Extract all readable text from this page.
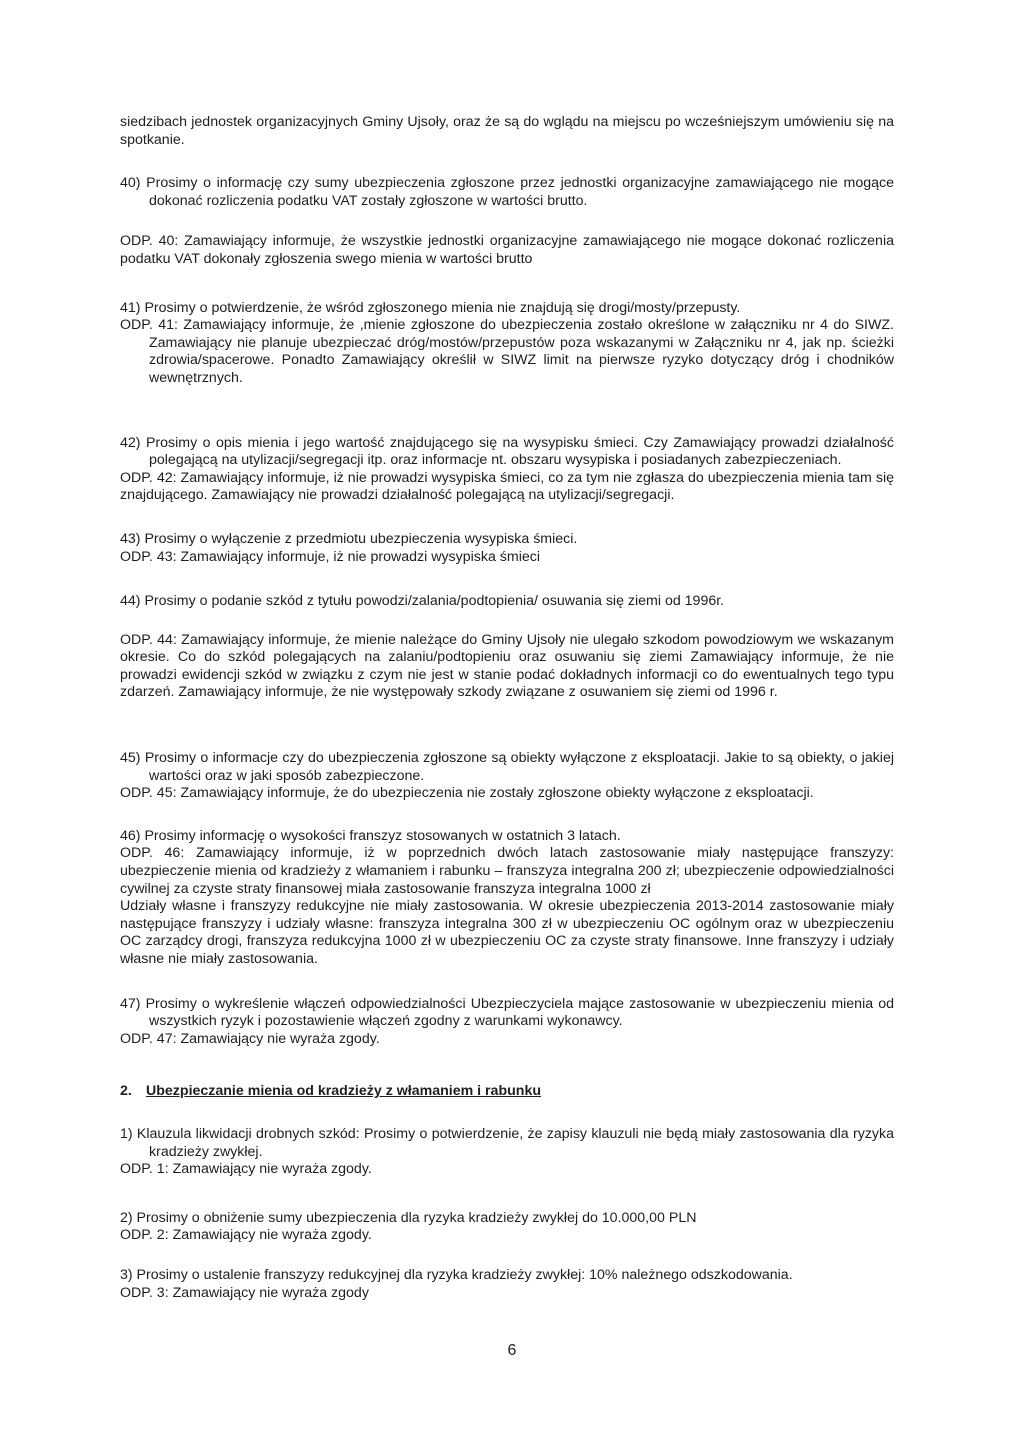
siedzibach jednostek organizacyjnych Gminy Ujsoły, oraz że są do wglądu na miejscu po wcześniejszym umówieniu się na spotkanie.

40) Prosimy o informację czy sumy ubezpieczenia zgłoszone przez jednostki organizacyjne zamawiającego nie mogące dokonać rozliczenia podatku VAT zostały zgłoszone w wartości brutto.

ODP. 40: Zamawiający informuje, że wszystkie jednostki organizacyjne zamawiającego nie mogące dokonać rozliczenia podatku VAT dokonały zgłoszenia swego mienia w wartości brutto

41) Prosimy o potwierdzenie, że wśród zgłoszonego mienia nie znajdują się drogi/mosty/przepusty.

ODP. 41: Zamawiający informuje, że ,mienie zgłoszone do ubezpieczenia zostało określone w załączniku nr 4 do SIWZ. Zamawiający nie planuje ubezpieczać dróg/mostów/przepustów poza wskazanymi w Załączniku nr 4, jak np. ścieżki zdrowia/spacerowe. Ponadto Zamawiający określił w SIWZ limit na pierwsze ryzyko dotyczący dróg i chodników wewnętrznych.

42) Prosimy o opis mienia i jego wartość znajdującego się na wysypisku śmieci. Czy Zamawiający prowadzi działalność polegającą na utylizacji/segregacji itp. oraz informacje nt. obszaru wysypiska i posiadanych zabezpieczeniach.

ODP. 42: Zamawiający informuje, iż nie prowadzi wysypiska śmieci, co za tym nie zgłasza do ubezpieczenia mienia tam się znajdującego. Zamawiający nie prowadzi działalność polegającą na utylizacji/segregacji.

43) Prosimy o wyłączenie z przedmiotu ubezpieczenia wysypiska śmieci.

ODP. 43: Zamawiający informuje, iż nie prowadzi wysypiska śmieci

44) Prosimy o podanie szkód z tytułu powodzi/zalania/podtopienia/ osuwania się ziemi od 1996r.

ODP. 44: Zamawiający informuje, że mienie należące do Gminy Ujsoły nie ulegało szkodom powodziowym we wskazanym okresie. Co do szkód polegających na zalaniu/podtopieniu oraz osuwaniu się ziemi Zamawiający informuje, że nie prowadzi ewidencji szkód w związku z czym nie jest w stanie podać dokładnych informacji co do ewentualnych tego typu zdarzeń. Zamawiający informuje, że nie występowały szkody związane z osuwaniem się ziemi od 1996 r.

45) Prosimy o informacje czy do ubezpieczenia zgłoszone są obiekty wyłączone z eksploatacji. Jakie to są obiekty, o jakiej wartości oraz w jaki sposób zabezpieczone.

ODP. 45: Zamawiający informuje, że do ubezpieczenia nie zostały zgłoszone obiekty wyłączone z eksploatacji.

46) Prosimy informację o wysokości franszyz stosowanych w ostatnich 3 latach.

ODP. 46: Zamawiający informuje, iż w poprzednich dwóch latach zastosowanie miały następujące franszyzy: ubezpieczenie mienia od kradzieży z włamaniem i rabunku – franszyza integralna 200 zł; ubezpieczenie odpowiedzialności cywilnej za czyste straty finansowej miała zastosowanie franszyza integralna 1000 zł

Udziały własne i franszyzy redukcyjne nie miały zastosowania. W okresie ubezpieczenia 2013-2014 zastosowanie miały następujące franszyzy i udziały własne: franszyza integralna 300 zł w ubezpieczeniu OC ogólnym oraz w ubezpieczeniu OC zarządcy drogi, franszyza redukcyjna 1000 zł w ubezpieczeniu OC za czyste straty finansowe. Inne franszyzy i udziały własne nie miały zastosowania.

47) Prosimy o wykreślenie włączeń odpowiedzialności Ubezpieczyciela mające zastosowanie w ubezpieczeniu mienia od wszystkich ryzyk i pozostawienie włączeń zgodny z warunkami wykonawcy.

ODP. 47: Zamawiający nie wyraża zgody.

2. Ubezpieczanie mienia od kradzieży z włamaniem i rabunku

1) Klauzula likwidacji drobnych szkód: Prosimy o potwierdzenie, że zapisy klauzuli nie będą miały zastosowania dla ryzyka kradzieży zwykłej.

ODP. 1: Zamawiający nie wyraża zgody.

2) Prosimy o obniżenie sumy ubezpieczenia dla ryzyka kradzieży zwykłej do 10.000,00 PLN

ODP. 2: Zamawiający nie wyraża zgody.

3) Prosimy o ustalenie franszyzy redukcyjnej dla ryzyka kradzieży zwykłej: 10% należnego odszkodowania.

ODP. 3: Zamawiający nie wyraża zgody

6
